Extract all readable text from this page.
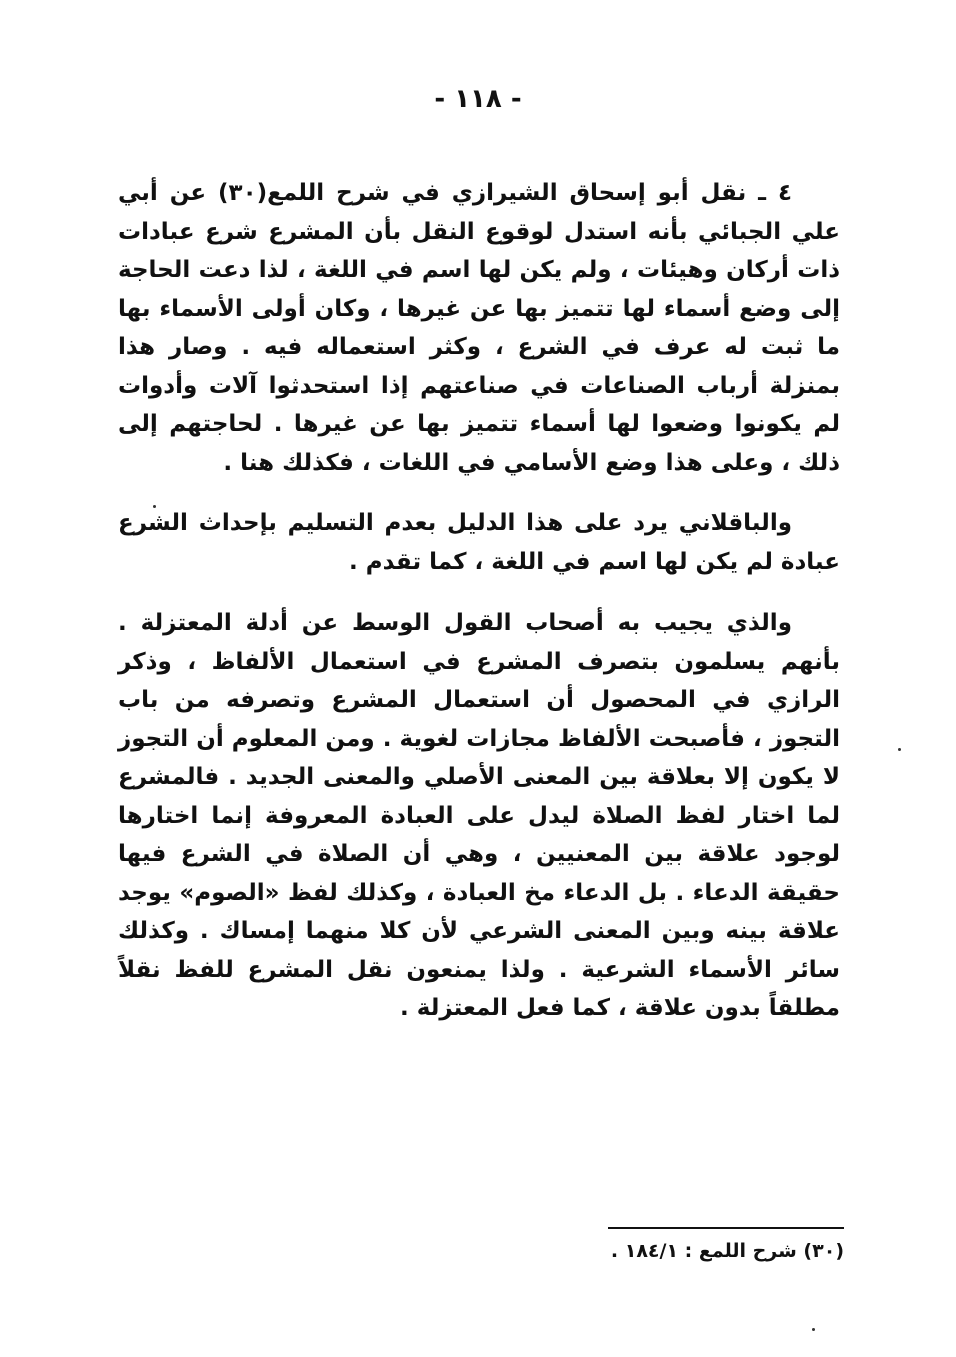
- ١١٨ -

٤ ـ نقل أبو إسحاق الشيرازي في شرح اللمع(٣٠) عن أبي علي الجبائي بأنه استدل لوقوع النقل بأن المشرع شرع عبادات ذات أركان وهيئات ، ولم يكن لها اسم في اللغة ، لذا دعت الحاجة إلى وضع أسماء لها تتميز بها عن غيرها ، وكان أولى الأسماء بها ما ثبت له عرف في الشرع ، وكثر استعماله فيه . وصار هذا بمنزلة أرباب الصناعات في صناعتهم إذا استحدثوا آلات وأدوات لم يكونوا وضعوا لها أسماء تتميز بها عن غيرها . لحاجتهم إلى ذلك ، وعلى هذا وضع الأسامي في اللغات ، فكذلك هنا .

والباقلاني يرد على هذا الدليل بعدم التسليم بإحداث الشرع عبادة لم يكن لها اسم في اللغة ، كما تقدم .

والذي يجيب به أصحاب القول الوسط عن أدلة المعتزلة . بأنهم يسلمون بتصرف المشرع في استعمال الألفاظ ، وذكر الرازي في المحصول أن استعمال المشرع وتصرفه من باب التجوز ، فأصبحت الألفاظ مجازات لغوية . ومن المعلوم أن التجوز لا يكون إلا بعلاقة بين المعنى الأصلي والمعنى الجديد . فالمشرع لما اختار لفظ الصلاة ليدل على العبادة المعروفة إنما اختارها لوجود علاقة بين المعنيين ، وهي أن الصلاة في الشرع فيها حقيقة الدعاء . بل الدعاء مخ العبادة ، وكذلك لفظ «الصوم» يوجد علاقة بينه وبين المعنى الشرعي لأن كلا منهما إمساك . وكذلك سائر الأسماء الشرعية . ولذا يمنعون نقل المشرع للفظ نقلاً مطلقاً بدون علاقة ، كما فعل المعتزلة .

(٣٠) شرح اللمع : ١٨٤/١ .
